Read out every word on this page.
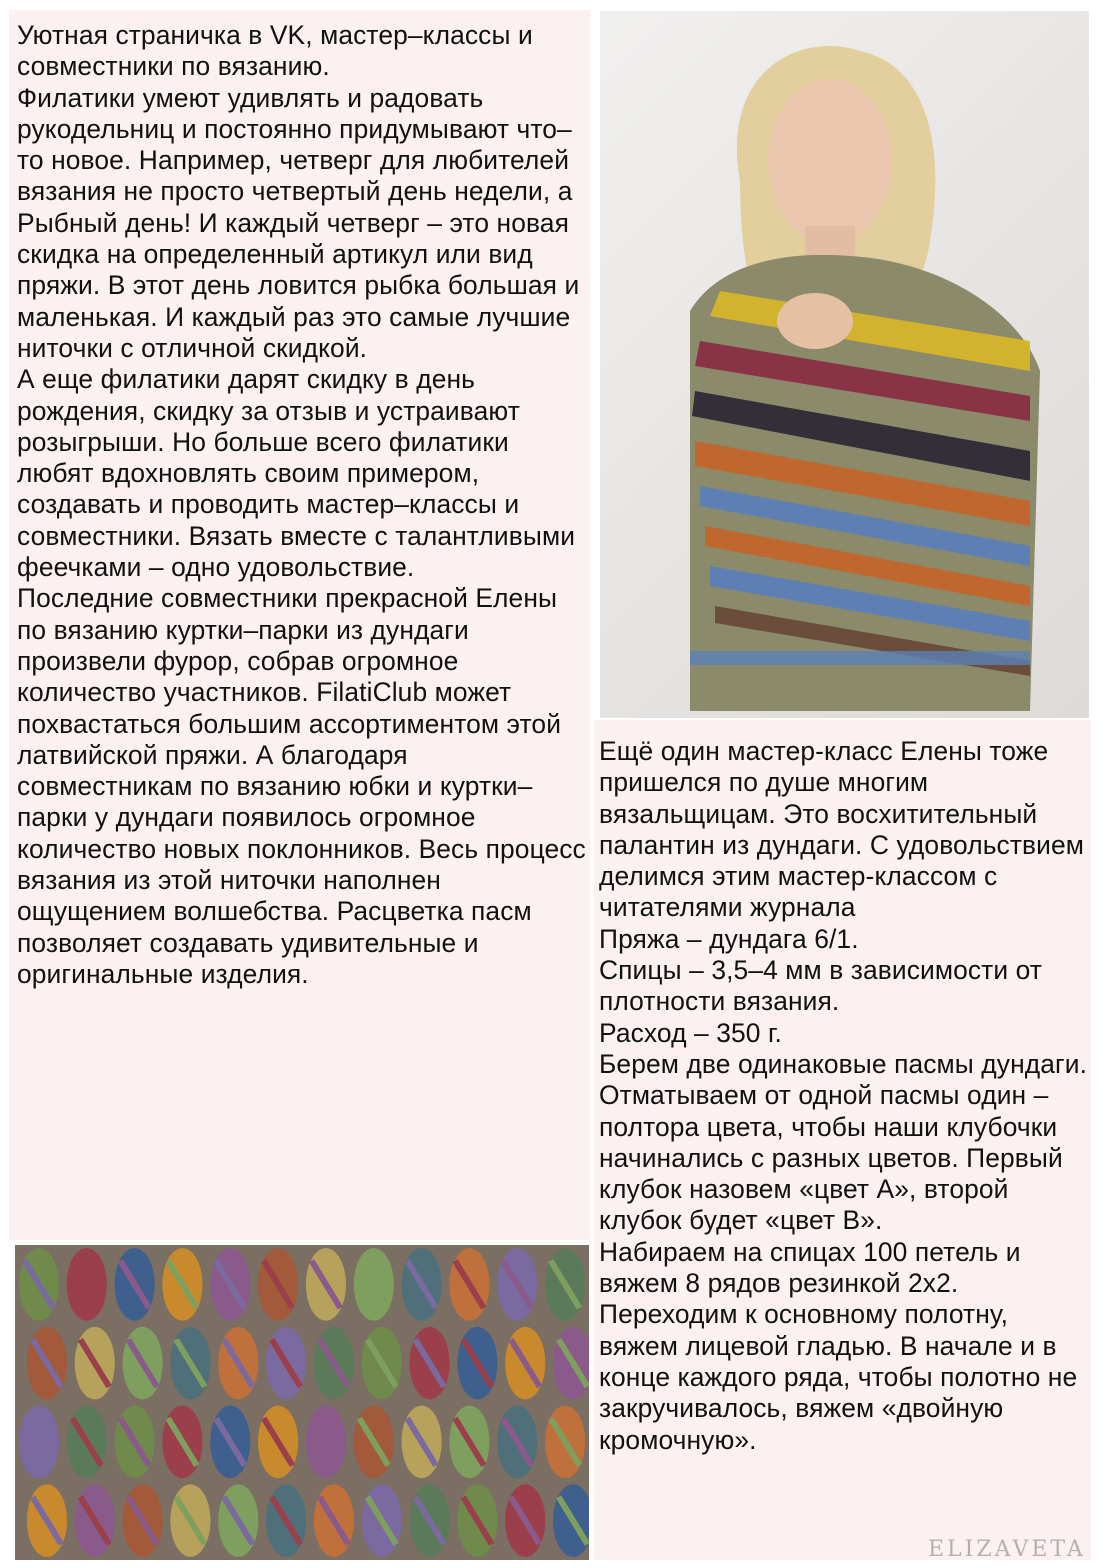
Уютная страничка в VK, мастер–классы и совместники по вязанию.

Филатики умеют удивлять и радовать рукодельниц и постоянно придумывают что–то новое. Например, четверг для любителей вязания не просто четвертый день недели, а Рыбный день! И каждый четверг – это новая скидка на определенный артикул или вид пряжи. В этот день ловится рыбка большая и маленькая. И каждый раз это самые лучшие ниточки с отличной скидкой.

А еще филатики дарят скидку в день рождения, скидку за отзыв и устраивают розыгрыши. Но больше всего филатики любят вдохновлять своим примером, создавать и проводить мастер–классы и совместники. Вязать вместе с талантливыми феечками – одно удовольствие.

Последние совместники прекрасной Елены по вязанию куртки–парки из дундаги произвели фурор, собрав огромное количество участников. FilatiClub может похвастаться большим ассортиментом этой латвийской пряжи. А благодаря совместникам по вязанию юбки и куртки–парки у дундаги появилось огромное количество новых поклонников. Весь процесс вязания из этой ниточки наполнен ощущением волшебства. Расцветка пасм позволяет создавать удивительные и оригинальные изделия.

Ещё один мастер-класс Елены тоже пришелся по душе многим вязальщицам. Это восхитительный палантин из дундаги. С удовольствием делимся этим мастер-классом с читателями журнала

Пряжа – дундага 6/1.

Спицы – 3,5–4 мм в зависимости от плотности вязания.

Расход – 350 г.

Берем две одинаковые пасмы дундаги. Отматываем от одной пасмы один – полтора цвета, чтобы наши клубочки начинались с разных цветов. Первый клубок назовем «цвет А», второй клубок будет «цвет В».

Набираем на спицах 100 петель и вяжем 8 рядов резинкой 2х2.

Переходим к основному полотну, вяжем лицевой гладью. В начале и в конце каждого ряда, чтобы полотно не закручивалось, вяжем «двойную кромочную».

ELIZAVETA
